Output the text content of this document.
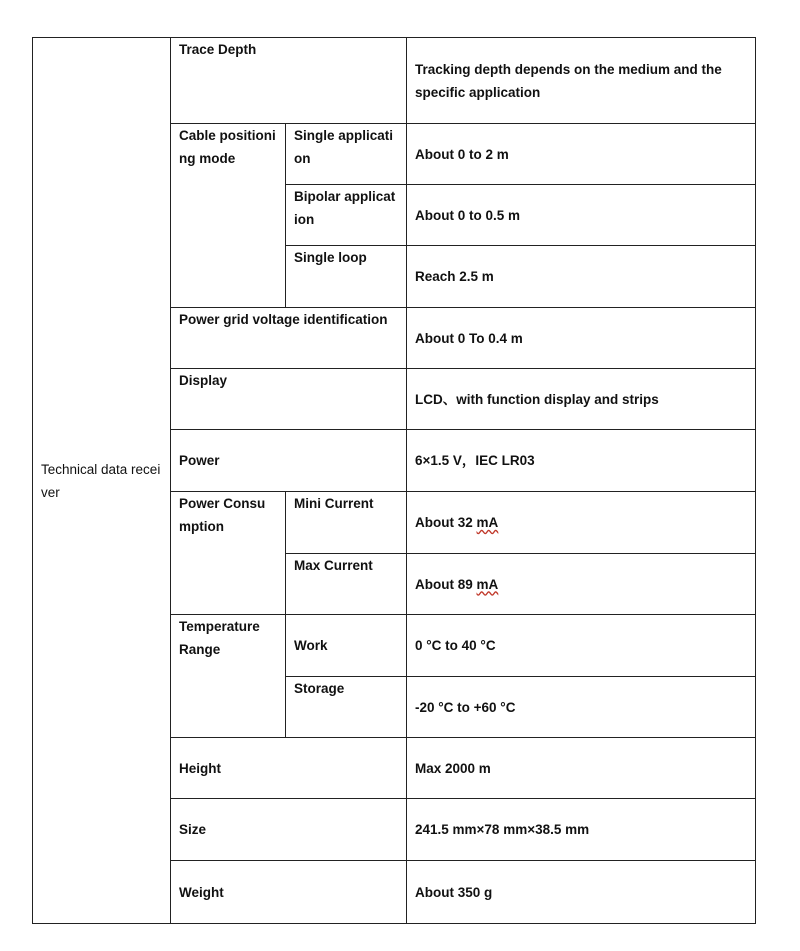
Technical data receiver	Trace Depth		Tracking depth depends on the medium and the specific application
	Cable positioning mode	Single application	About 0 to 2 m
		Bipolar application	About 0 to 0.5 m
		Single loop	Reach 2.5 m
	Power grid voltage identification		About 0 To 0.4 m
	Display		LCD、with function display and strips
	Power		6×1.5 V，IEC LR03
	Power Consumption	Mini Current	About 32 mA
		Max Current	About 89 mA
	Temperature Range	Work	0 °C to 40 °C
		Storage	-20 °C to +60 °C
	Height		Max 2000 m
	Size		241.5 mm×78 mm×38.5 mm
	Weight		About 350 g
